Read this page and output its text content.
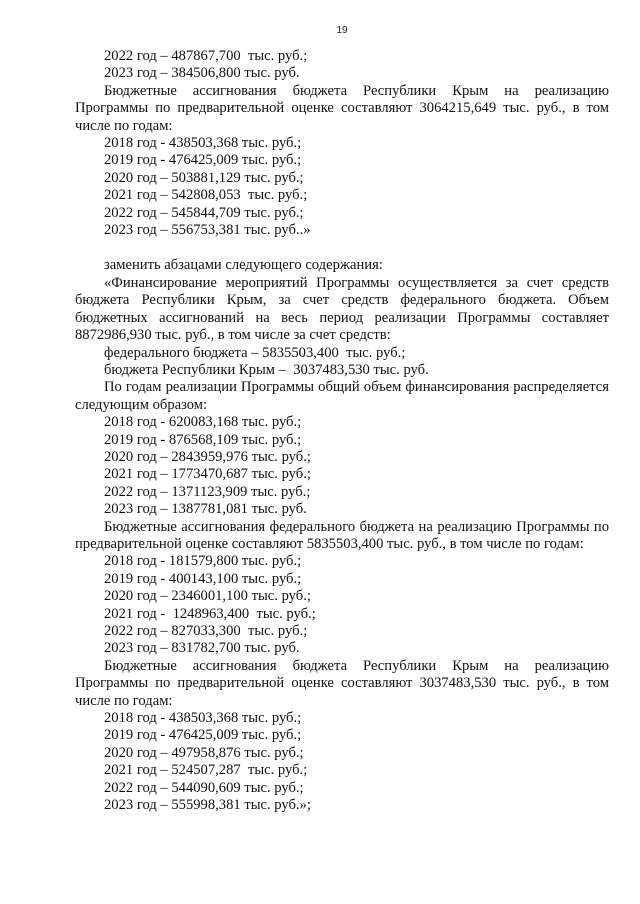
19
2022 год – 487867,700  тыс. руб.;
2023 год – 384506,800 тыс. руб.
Бюджетные ассигнования бюджета Республики Крым на реализацию Программы по предварительной оценке составляют 3064215,649 тыс. руб., в том числе по годам:
2018 год - 438503,368 тыс. руб.;
2019 год - 476425,009 тыс. руб.;
2020 год – 503881,129 тыс. руб.;
2021 год – 542808,053  тыс. руб.;
2022 год – 545844,709 тыс. руб.;
2023 год – 556753,381 тыс. руб..»
заменить абзацами следующего содержания:
«Финансирование мероприятий Программы осуществляется за счет средств бюджета Республики Крым, за счет средств федерального бюджета. Объем бюджетных ассигнований на весь период реализации Программы составляет 8872986,930 тыс. руб., в том числе за счет средств:
федерального бюджета – 5835503,400  тыс. руб.;
бюджета Республики Крым –  3037483,530 тыс. руб.
По годам реализации Программы общий объем финансирования распределяется следующим образом:
2018 год - 620083,168 тыс. руб.;
2019 год - 876568,109 тыс. руб.;
2020 год – 2843959,976 тыс. руб.;
2021 год – 1773470,687 тыс. руб.;
2022 год – 1371123,909 тыс. руб.;
2023 год – 1387781,081 тыс. руб.
Бюджетные ассигнования федерального бюджета на реализацию Программы по предварительной оценке составляют 5835503,400 тыс. руб., в том числе по годам:
2018 год - 181579,800 тыс. руб.;
2019 год - 400143,100 тыс. руб.;
2020 год – 2346001,100 тыс. руб.;
2021 год -  1248963,400  тыс. руб.;
2022 год – 827033,300  тыс. руб.;
2023 год – 831782,700 тыс. руб.
Бюджетные ассигнования бюджета Республики Крым на реализацию Программы по предварительной оценке составляют 3037483,530 тыс. руб., в том числе по годам:
2018 год - 438503,368 тыс. руб.;
2019 год - 476425,009 тыс. руб.;
2020 год – 497958,876 тыс. руб.;
2021 год – 524507,287  тыс. руб.;
2022 год – 544090,609 тыс. руб.;
2023 год – 555998,381 тыс. руб.»;
